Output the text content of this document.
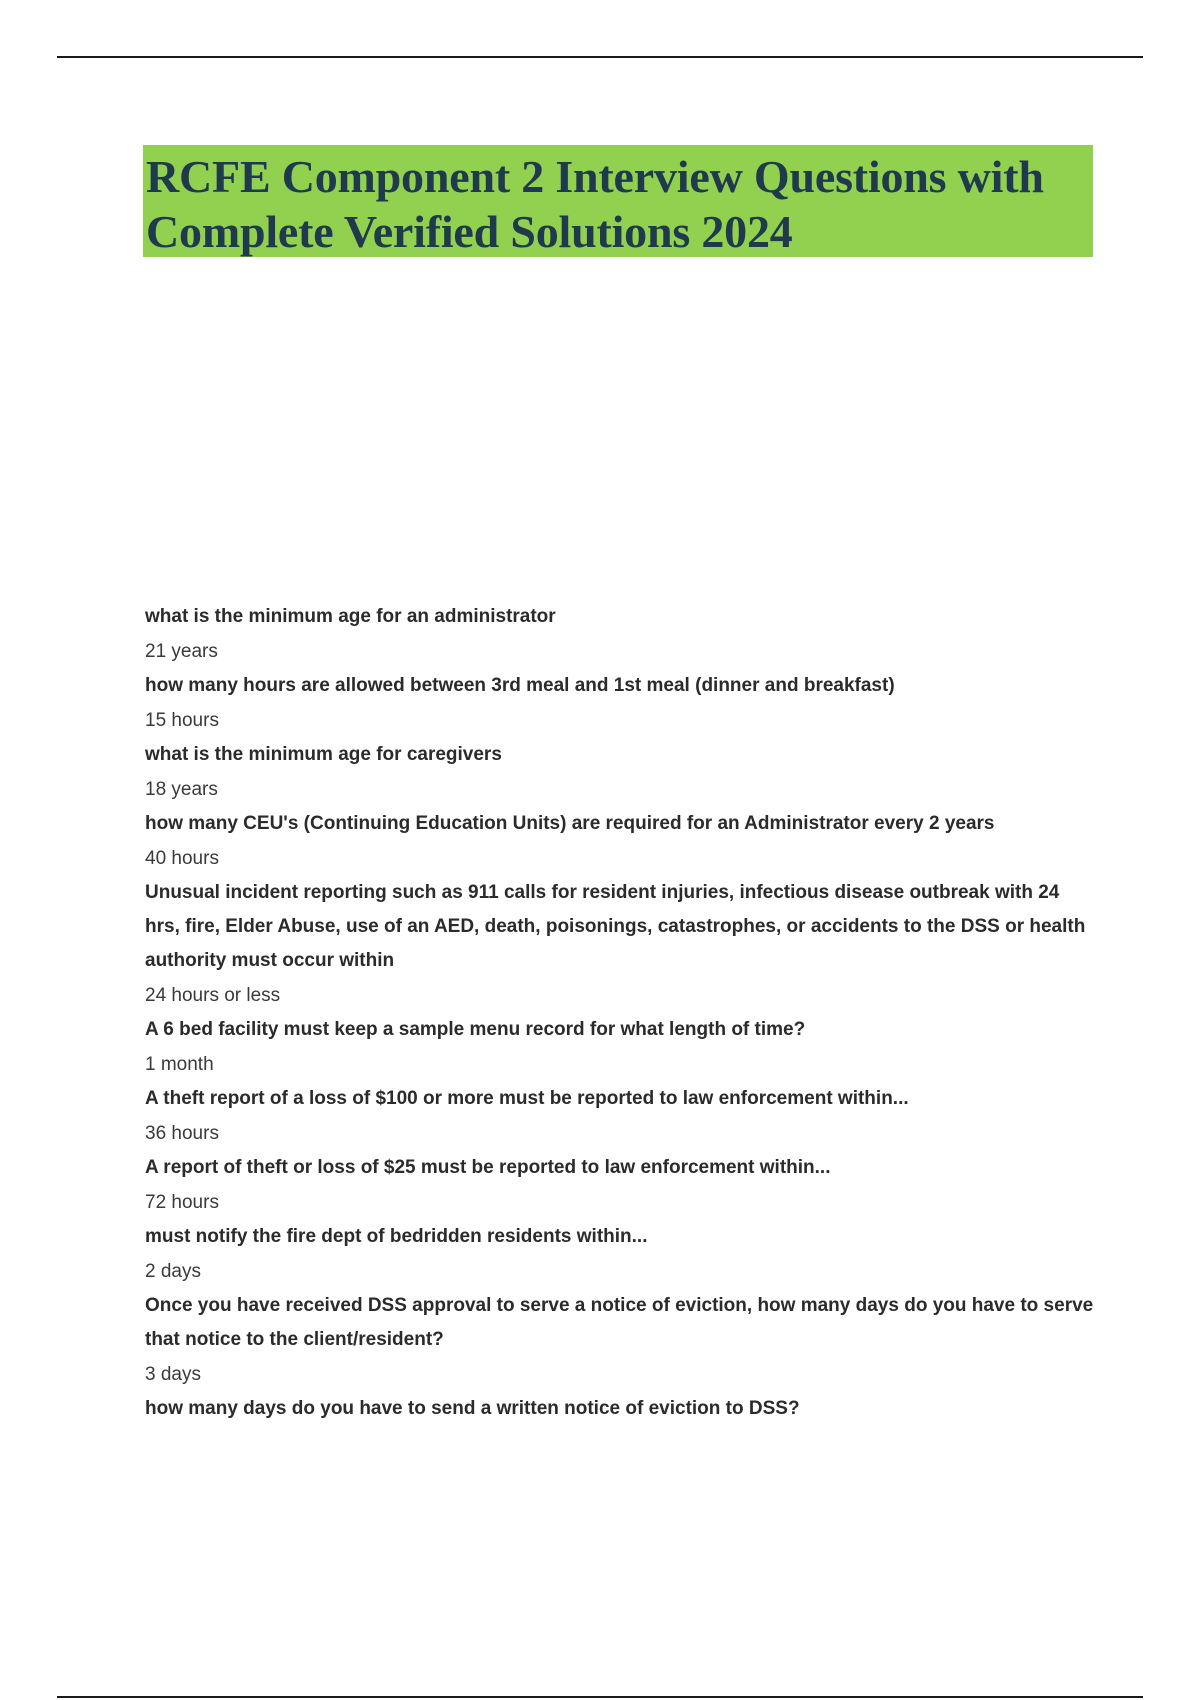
RCFE Component 2 Interview Questions with Complete Verified Solutions 2024

what is the minimum age for an administrator

21 years

how many hours are allowed between 3rd meal and 1st meal (dinner and breakfast)

15 hours

what is the minimum age for caregivers

18 years

how many CEU's (Continuing Education Units) are required for an Administrator every 2 years

40 hours

Unusual incident reporting such as 911 calls for resident injuries, infectious disease outbreak with 24 hrs, fire, Elder Abuse, use of an AED, death, poisonings, catastrophes, or accidents to the DSS or health authority must occur within

24 hours or less

A 6 bed facility must keep a sample menu record for what length of time?

1 month

A theft report of a loss of $100 or more must be reported to law enforcement within...

36 hours

A report of theft or loss of $25 must be reported to law enforcement within...

72 hours

must notify the fire dept of bedridden residents within...

2 days

Once you have received DSS approval to serve a notice of eviction, how many days do you have to serve that notice to the client/resident?

3 days

how many days do you have to send a written notice of eviction to DSS?
